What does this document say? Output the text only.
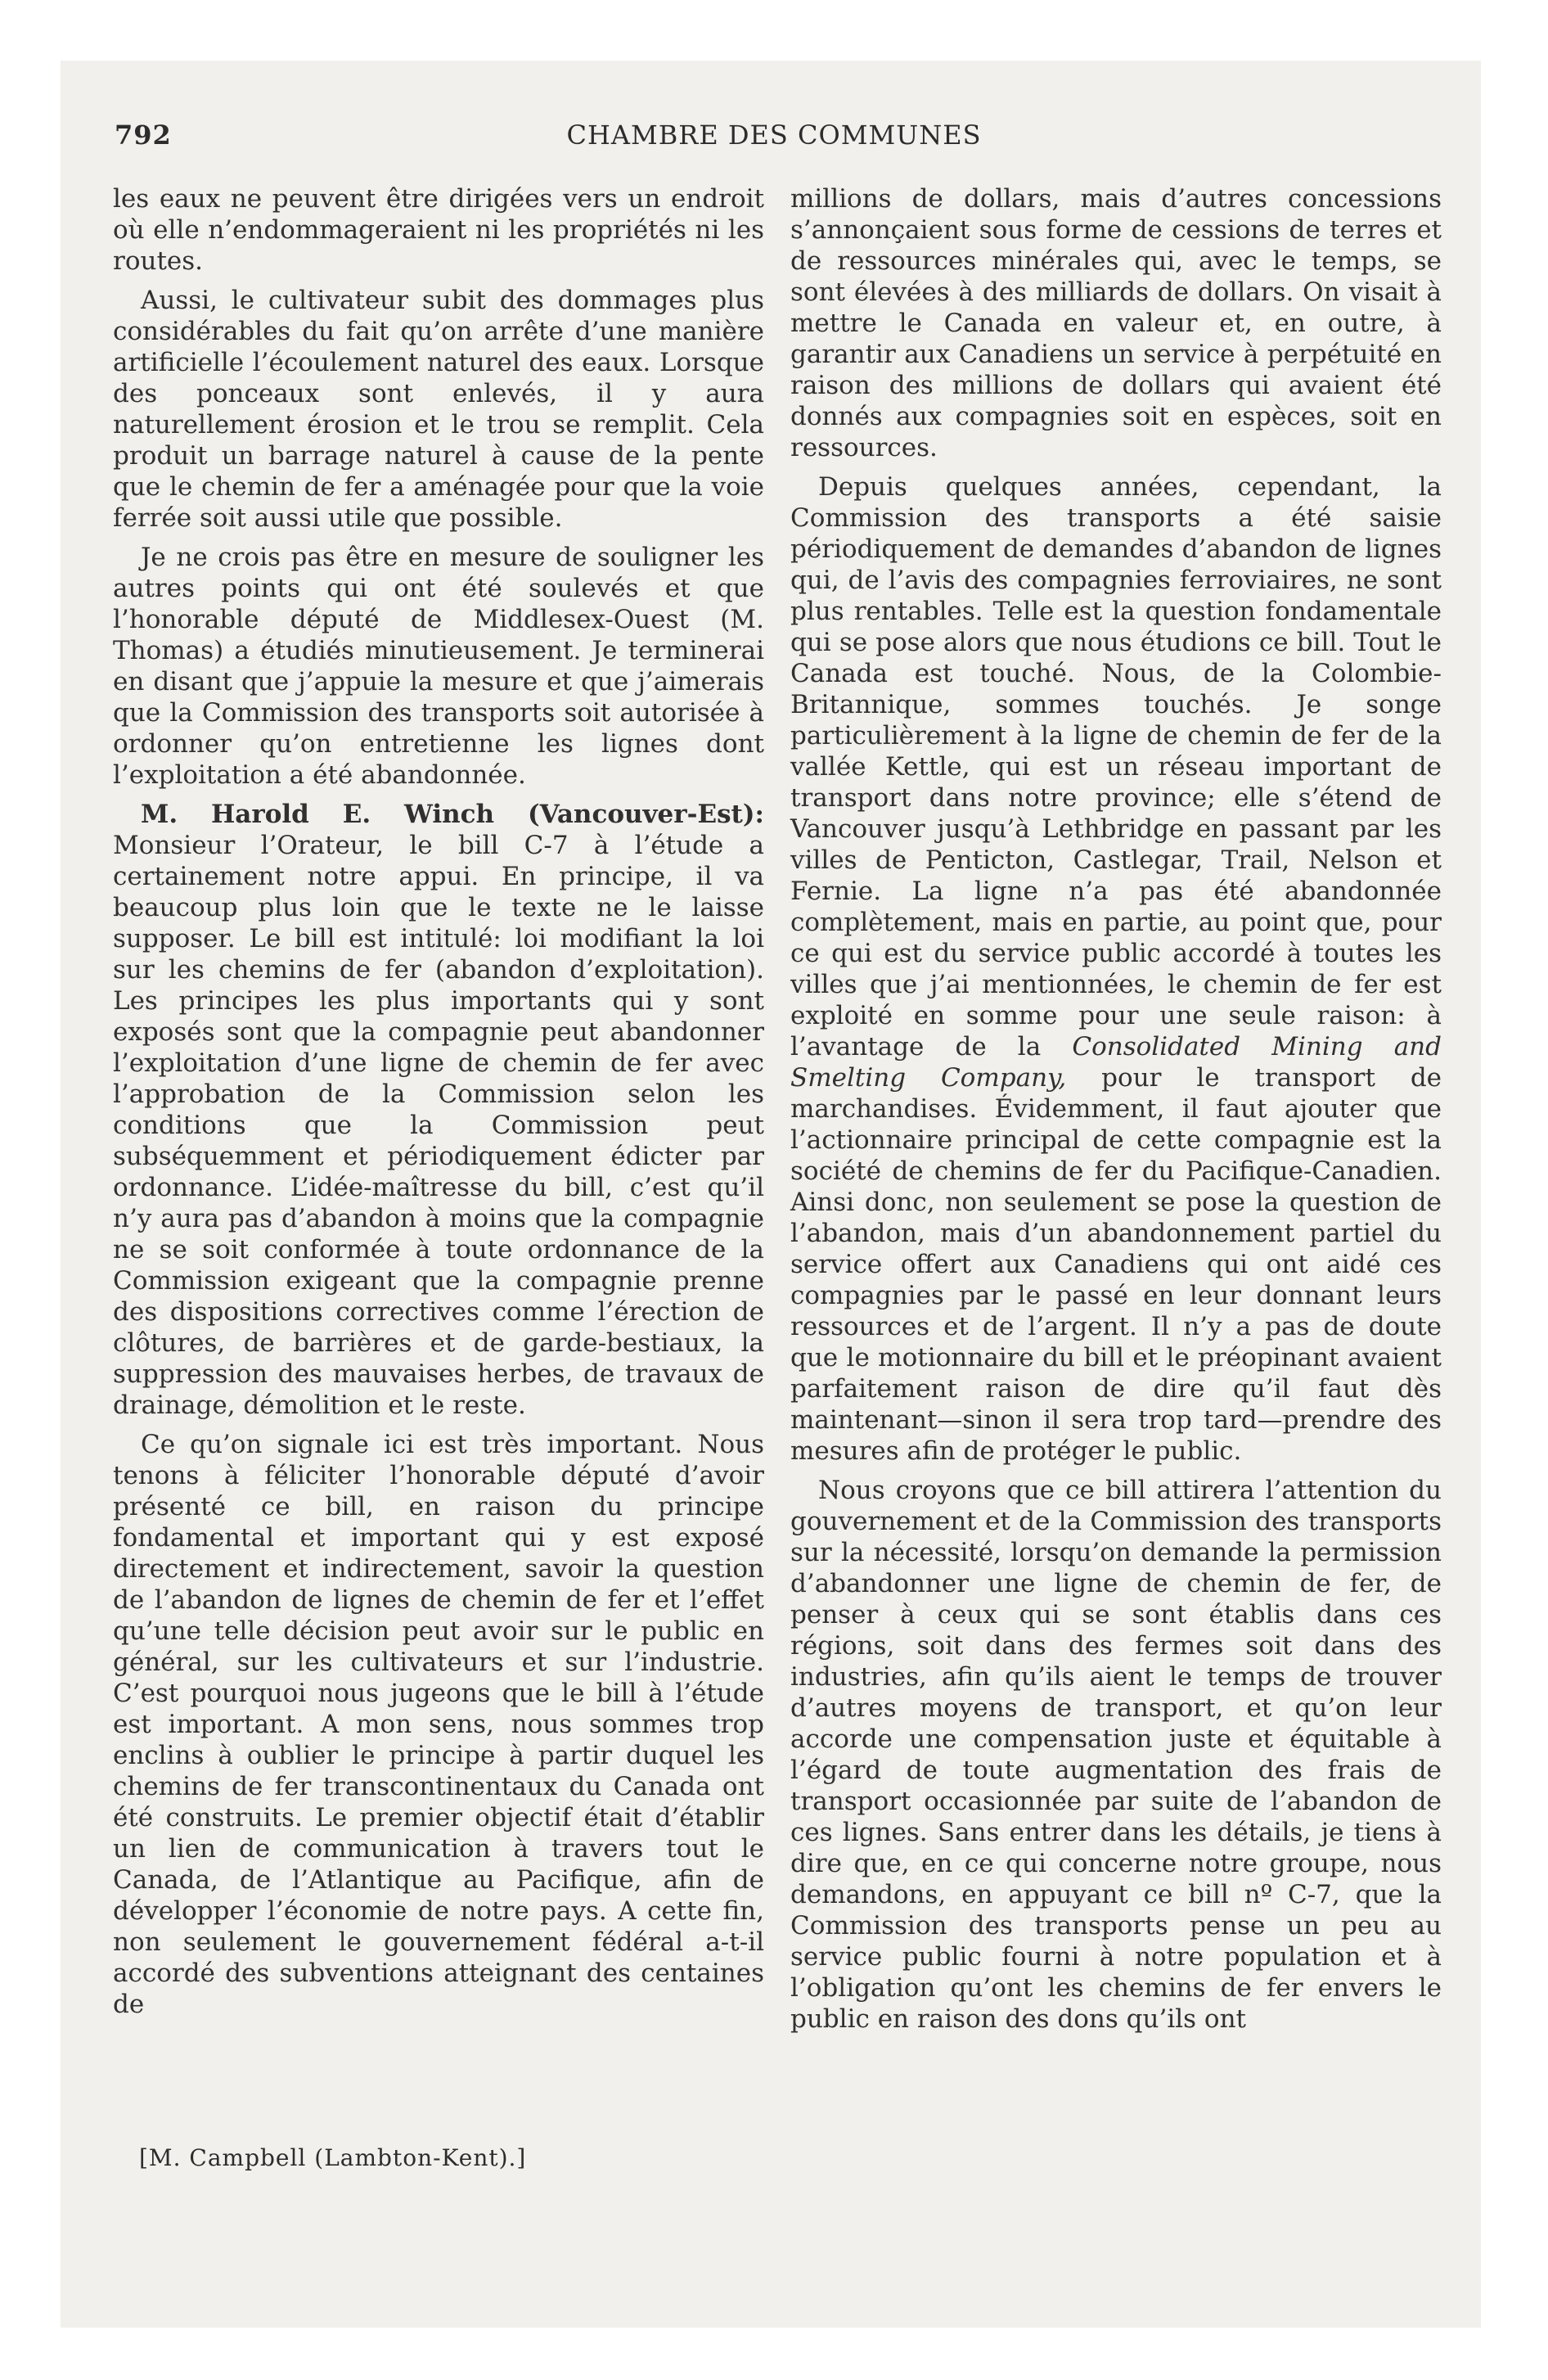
792	CHAMBRE DES COMMUNES

les eaux ne peuvent être dirigées vers un endroit où elle n’endommageraient ni les propriétés ni les routes.

Aussi, le cultivateur subit des dommages plus considérables du fait qu’on arrête d’une manière artificielle l’écoulement naturel des eaux. Lorsque des ponceaux sont enlevés, il y aura naturellement érosion et le trou se remplit. Cela produit un barrage naturel à cause de la pente que le chemin de fer a aménagée pour que la voie ferrée soit aussi utile que possible.

Je ne crois pas être en mesure de souligner les autres points qui ont été soulevés et que l’honorable député de Middlesex-Ouest (M. Thomas) a étudiés minutieusement. Je terminerai en disant que j’appuie la mesure et que j’aimerais que la Commission des transports soit autorisée à ordonner qu’on entretienne les lignes dont l’exploitation a été abandonnée.

M. Harold E. Winch (Vancouver-Est): Monsieur l’Orateur, le bill C-7 à l’étude a certainement notre appui. En principe, il va beaucoup plus loin que le texte ne le laisse supposer. Le bill est intitulé: loi modifiant la loi sur les chemins de fer (abandon d’exploitation). Les principes les plus importants qui y sont exposés sont que la compagnie peut abandonner l’exploitation d’une ligne de chemin de fer avec l’approbation de la Commission selon les conditions que la Commission peut subséquemment et périodiquement édicter par ordonnance. L’idée-maîtresse du bill, c’est qu’il n’y aura pas d’abandon à moins que la compagnie ne se soit conformée à toute ordonnance de la Commission exigeant que la compagnie prenne des dispositions correctives comme l’érection de clôtures, de barrières et de garde-bestiaux, la suppression des mauvaises herbes, de travaux de drainage, démolition et le reste.

Ce qu’on signale ici est très important. Nous tenons à féliciter l’honorable député d’avoir présenté ce bill, en raison du principe fondamental et important qui y est exposé directement et indirectement, savoir la question de l’abandon de lignes de chemin de fer et l’effet qu’une telle décision peut avoir sur le public en général, sur les cultivateurs et sur l’industrie. C’est pourquoi nous jugeons que le bill à l’étude est important. A mon sens, nous sommes trop enclins à oublier le principe à partir duquel les chemins de fer transcontinentaux du Canada ont été construits. Le premier objectif était d’établir un lien de communication à travers tout le Canada, de l’Atlantique au Pacifique, afin de développer l’économie de notre pays. A cette fin, non seulement le gouvernement fédéral a-t-il accordé des subventions atteignant des centaines de

millions de dollars, mais d’autres concessions s’annonçaient sous forme de cessions de terres et de ressources minérales qui, avec le temps, se sont élevées à des milliards de dollars. On visait à mettre le Canada en valeur et, en outre, à garantir aux Canadiens un service à perpétuité en raison des millions de dollars qui avaient été donnés aux compagnies soit en espèces, soit en ressources.

Depuis quelques années, cependant, la Commission des transports a été saisie périodiquement de demandes d’abandon de lignes qui, de l’avis des compagnies ferroviaires, ne sont plus rentables. Telle est la question fondamentale qui se pose alors que nous étudions ce bill. Tout le Canada est touché. Nous, de la Colombie-Britannique, sommes touchés. Je songe particulièrement à la ligne de chemin de fer de la vallée Kettle, qui est un réseau important de transport dans notre province; elle s’étend de Vancouver jusqu’à Lethbridge en passant par les villes de Penticton, Castlegar, Trail, Nelson et Fernie. La ligne n’a pas été abandonnée complètement, mais en partie, au point que, pour ce qui est du service public accordé à toutes les villes que j’ai mentionnées, le chemin de fer est exploité en somme pour une seule raison: à l’avantage de la Consolidated Mining and Smelting Company, pour le transport de marchandises. Évidemment, il faut ajouter que l’actionnaire principal de cette compagnie est la société de chemins de fer du Pacifique-Canadien. Ainsi donc, non seulement se pose la question de l’abandon, mais d’un abandonnement partiel du service offert aux Canadiens qui ont aidé ces compagnies par le passé en leur donnant leurs ressources et de l’argent. Il n’y a pas de doute que le motionnaire du bill et le préopinant avaient parfaitement raison de dire qu’il faut dès maintenant—sinon il sera trop tard—prendre des mesures afin de protéger le public.

Nous croyons que ce bill attirera l’attention du gouvernement et de la Commission des transports sur la nécessité, lorsqu’on demande la permission d’abandonner une ligne de chemin de fer, de penser à ceux qui se sont établis dans ces régions, soit dans des fermes soit dans des industries, afin qu’ils aient le temps de trouver d’autres moyens de transport, et qu’on leur accorde une compensation juste et équitable à l’égard de toute augmentation des frais de transport occasionnée par suite de l’abandon de ces lignes. Sans entrer dans les détails, je tiens à dire que, en ce qui concerne notre groupe, nous demandons, en appuyant ce bill nº C-7, que la Commission des transports pense un peu au service public fourni à notre population et à l’obligation qu’ont les chemins de fer envers le public en raison des dons qu’ils ont

[M. Campbell (Lambton-Kent).]
